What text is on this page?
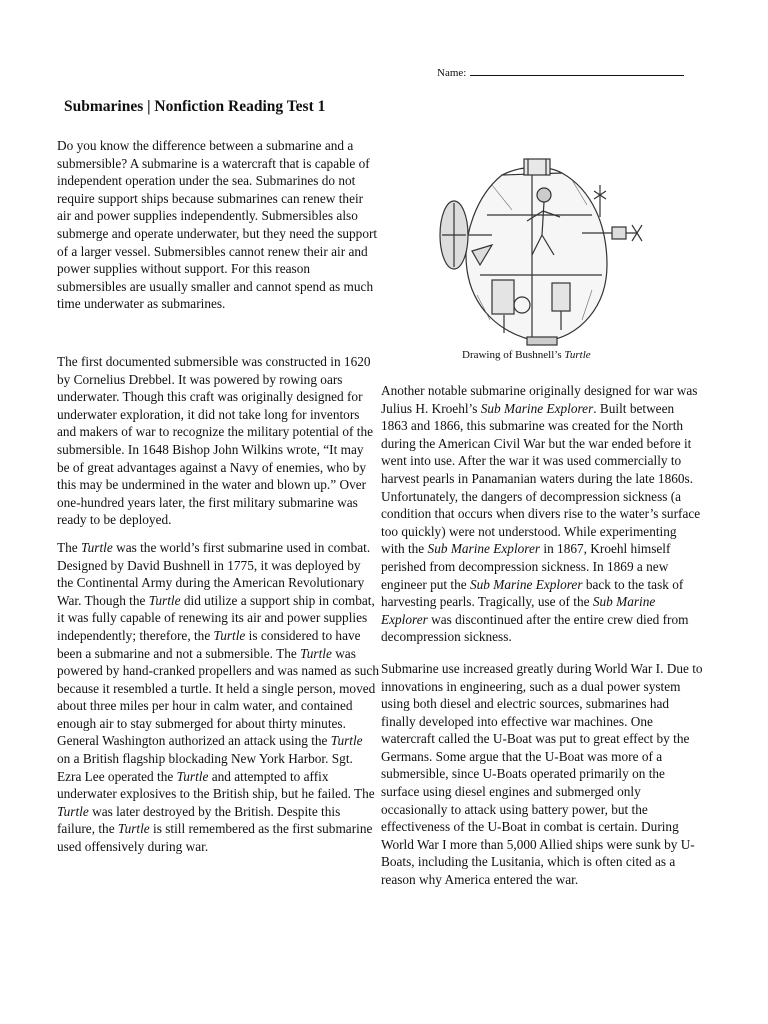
Name:
Submarines | Nonfiction Reading Test 1

Do you know the difference between a submarine and a submersible? A submarine is a watercraft that is capable of independent operation under the sea. Submarines do not require support ships because submarines can renew their air and power supplies independently. Submersibles also submerge and operate underwater, but they need the support of a larger vessel. Submersibles cannot renew their air and power supplies without support. For this reason submersibles are usually smaller and cannot spend as much time underwater as submarines.

The first documented submersible was constructed in 1620 by Cornelius Drebbel. It was powered by rowing oars underwater. Though this craft was originally designed for underwater exploration, it did not take long for inventors and makers of war to recognize the military potential of the submersible. In 1648 Bishop John Wilkins wrote, “It may be of great advantages against a Navy of enemies, who by this may be undermined in the water and blown up.” Over one-hundred years later, the first military submarine was ready to be deployed.

The Turtle was the world’s first submarine used in combat. Designed by David Bushnell in 1775, it was deployed by the Continental Army during the American Revolutionary War. Though the Turtle did utilize a support ship in combat, it was fully capable of renewing its air and power supplies independently; therefore, the Turtle is considered to have been a submarine and not a submersible. The Turtle was powered by hand-cranked propellers and was named as such because it resembled a turtle. It held a single person, moved about three miles per hour in calm water, and contained enough air to stay submerged for about thirty minutes. General Washington authorized an attack using the Turtle on a British flagship blockading New York Harbor. Sgt. Ezra Lee operated the Turtle and attempted to affix underwater explosives to the British ship, but he failed. The Turtle was later destroyed by the British. Despite this failure, the Turtle is still remembered as the first submarine used offensively during war.

Drawing of Bushnell’s Turtle

Another notable submarine originally designed for war was Julius H. Kroehl’s Sub Marine Explorer. Built between 1863 and 1866, this submarine was created for the North during the American Civil War but the war ended before it went into use. After the war it was used commercially to harvest pearls in Panamanian waters during the late 1860s. Unfortunately, the dangers of decompression sickness (a condition that occurs when divers rise to the water’s surface too quickly) were not understood. While experimenting with the Sub Marine Explorer in 1867, Kroehl himself perished from decompression sickness. In 1869 a new engineer put the Sub Marine Explorer back to the task of harvesting pearls. Tragically, use of the Sub Marine Explorer was discontinued after the entire crew died from decompression sickness.

Submarine use increased greatly during World War I. Due to innovations in engineering, such as a dual power system using both diesel and electric sources, submarines had finally developed into effective war machines. One watercraft called the U-Boat was put to great effect by the Germans. Some argue that the U-Boat was more of a submersible, since U-Boats operated primarily on the surface using diesel engines and submerged only occasionally to attack using battery power, but the effectiveness of the U-Boat in combat is certain. During World War I more than 5,000 Allied ships were sunk by U-Boats, including the Lusitania, which is often cited as a reason why America entered the war.
